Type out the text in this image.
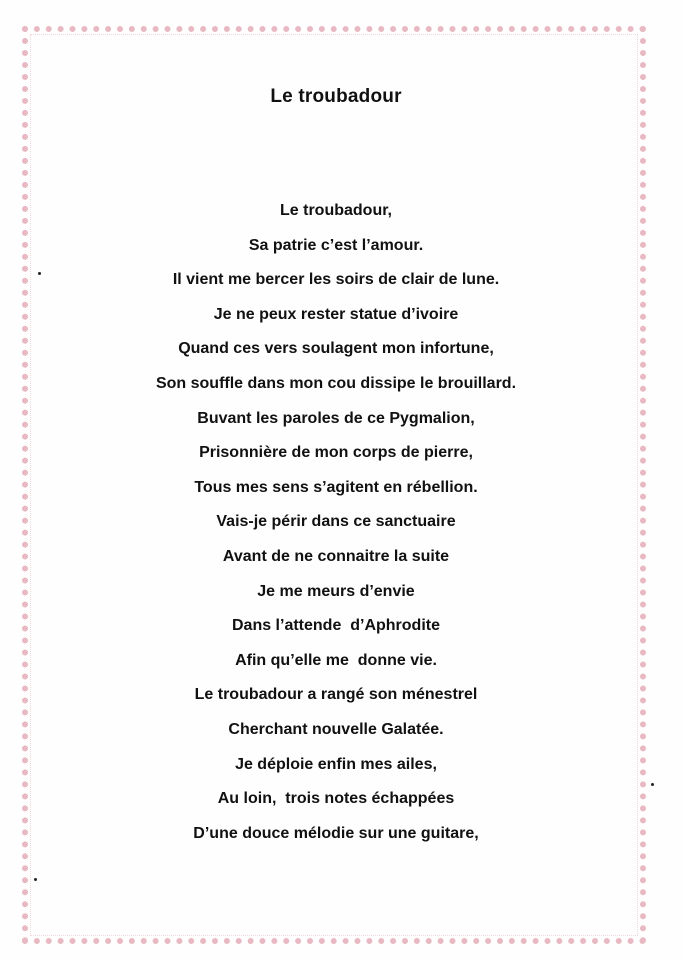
Le troubadour
Le troubadour,
Sa patrie c’est l’amour.
Il vient me bercer les soirs de clair de lune.
Je ne peux rester statue d’ivoire
Quand ces vers soulagent mon infortune,
Son souffle dans mon cou dissipe le brouillard.
Buvant les paroles de ce Pygmalion,
Prisonnière de mon corps de pierre,
Tous mes sens s’agitent en rébellion.
Vais-je périr dans ce sanctuaire
Avant de ne connaitre la suite
Je me meurs d’envie
Dans l’attende  d’Aphrodite
Afin qu’elle me  donne vie.
Le troubadour a rangé son ménestrel
Cherchant nouvelle Galatée.
Je déploie enfin mes ailes,
Au loin,  trois notes échappées
D’une douce mélodie sur une guitare,
